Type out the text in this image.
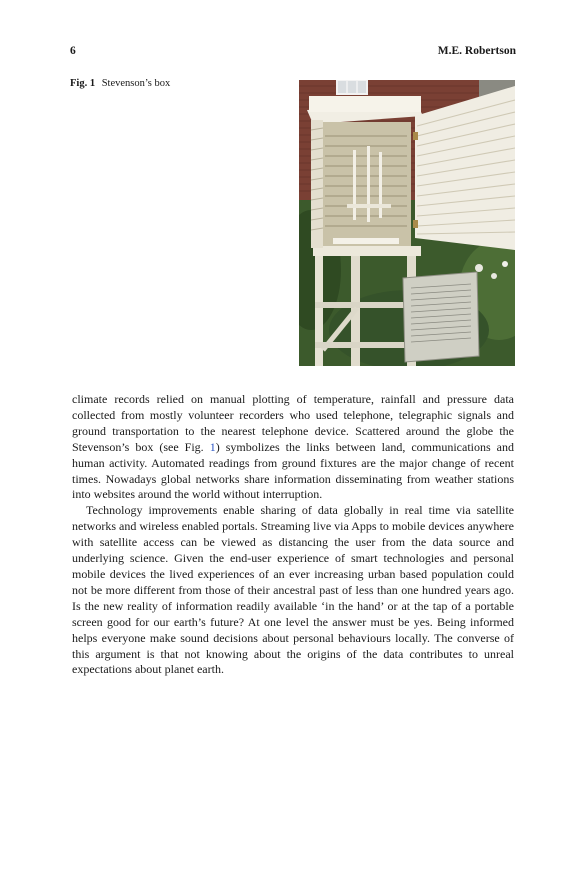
6	M.E. Robertson
Fig. 1 Stevenson’s box

climate records relied on manual plotting of temperature, rainfall and pressure data collected from mostly volunteer recorders who used telephone, telegraphic signals and ground transportation to the nearest telephone device. Scattered around the globe the Stevenson’s box (see Fig. 1) symbolizes the links between land, communications and human activity. Automated readings from ground fixtures are the major change of recent times. Nowadays global networks share information disseminating from weather stations into websites around the world without interruption.

Technology improvements enable sharing of data globally in real time via satellite networks and wireless enabled portals. Streaming live via Apps to mobile devices anywhere with satellite access can be viewed as distancing the user from the data source and underlying science. Given the end-user experience of smart technologies and personal mobile devices the lived experiences of an ever increasing urban based population could not be more different from those of their ancestral past of less than one hundred years ago. Is the new reality of information readily available ‘in the hand’ or at the tap of a portable screen good for our earth’s future? At one level the answer must be yes. Being informed helps everyone make sound decisions about personal behaviours locally. The converse of this argument is that not knowing about the origins of the data contributes to unreal expectations about planet earth.
